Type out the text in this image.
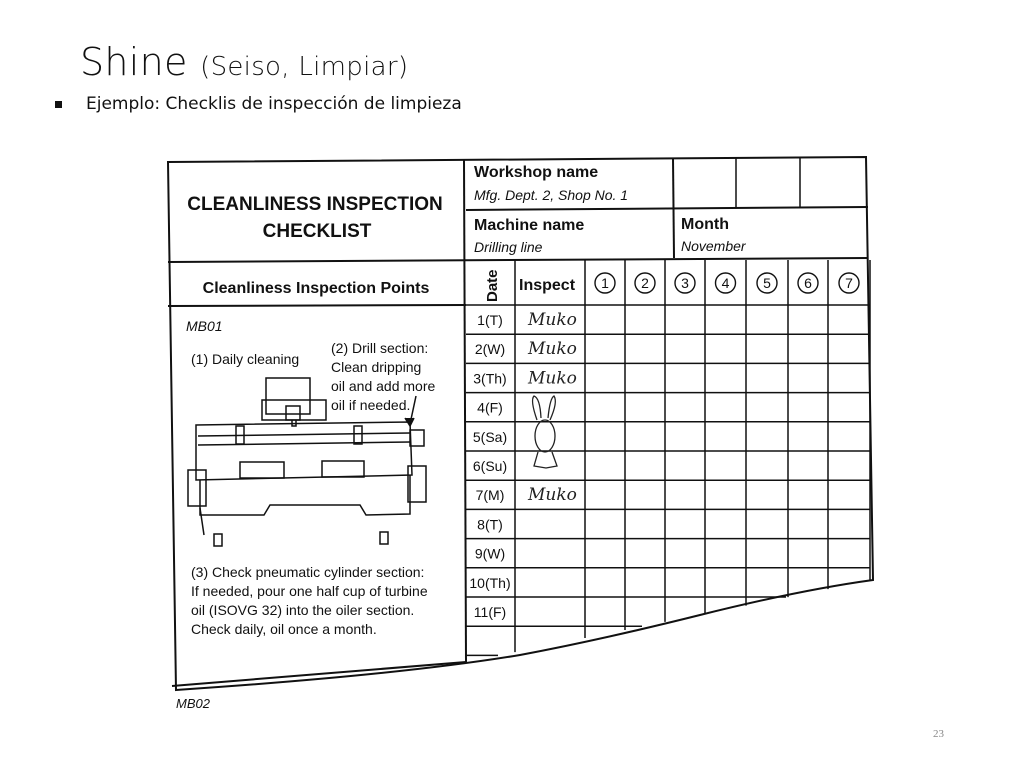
Shine (Seiso, Limpiar)
Ejemplo: Checklis de inspección de limpieza
CLEANLINESS INSPECTION
CHECKLIST
Workshop name
Mfg. Dept. 2, Shop No. 1
Machine name
Drilling line
Month
November
Cleanliness Inspection Points	Date Inspect 1 2 3 4 5 6 7
1(T)
2(W)
3(Th)
4(F)
5(Sa)
6(Su)
7(M)
8(T)
9(W)
10(Th)
11(F)
Muko
Muko
Muko
Muko
MB01
(1) Daily cleaning
(2) Drill section:
Clean dripping
oil and add more
oil if needed.
(3) Check pneumatic cylinder section:
If needed, pour one half cup of turbine
oil (ISOVG 32) into the oiler section.
Check daily, oil once a month.
MB02
23
